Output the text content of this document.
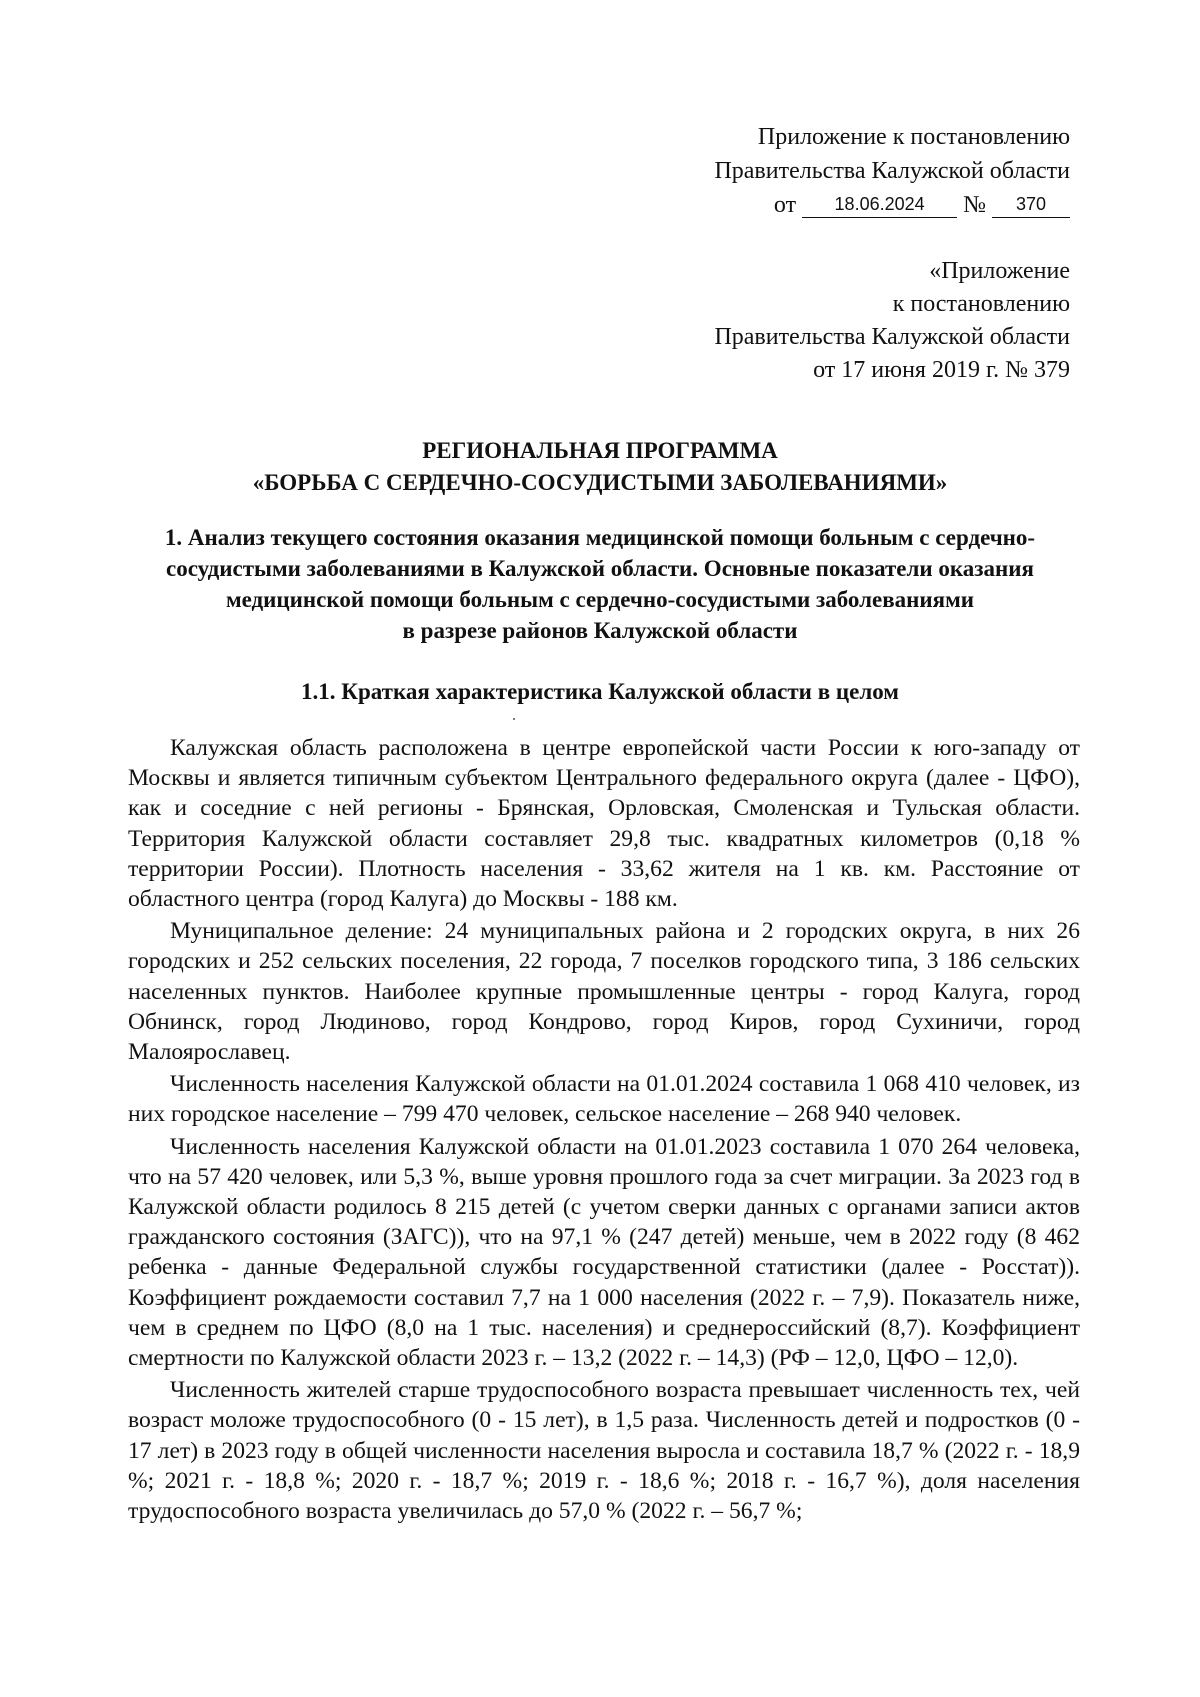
Приложение к постановлению
Правительства Калужской области
от 18.06.2024 № 370
«Приложение
к постановлению
Правительства Калужской области
от 17 июня 2019 г. № 379
РЕГИОНАЛЬНАЯ ПРОГРАММА
«БОРЬБА С СЕРДЕЧНО-СОСУДИСТЫМИ ЗАБОЛЕВАНИЯМИ»
1. Анализ текущего состояния оказания медицинской помощи больным с сердечно-
сосудистыми заболеваниями в Калужской области. Основные показатели оказания
медицинской помощи больным с сердечно-сосудистыми заболеваниями
в разрезе районов Калужской области
1.1. Краткая характеристика Калужской области в целом

Калужская область расположена в центре европейской части России к юго-западу от Москвы и является типичным субъектом Центрального федерального округа (далее - ЦФО), как и соседние с ней регионы - Брянская, Орловская, Смоленская и Тульская области. Территория Калужской области составляет 29,8 тыс. квадратных километров (0,18 % территории России). Плотность населения - 33,62 жителя на 1 кв. км. Расстояние от областного центра (город Калуга) до Москвы - 188 км.

Муниципальное деление: 24 муниципальных района и 2 городских округа, в них 26 городских и 252 сельских поселения, 22 города, 7 поселков городского типа, 3 186 сельских населенных пунктов. Наиболее крупные промышленные центры - город Калуга, город Обнинск, город Людиново, город Кондрово, город Киров, город Сухиничи, город Малоярославец.

Численность населения Калужской области на 01.01.2024 составила 1 068 410 человек, из них городское население – 799 470 человек, сельское население – 268 940 человек.

Численность населения Калужской области на 01.01.2023 составила 1 070 264 человека, что на 57 420 человек, или 5,3 %, выше уровня прошлого года за счет миграции. За 2023 год в Калужской области родилось 8 215 детей (с учетом сверки данных с органами записи актов гражданского состояния (ЗАГС)), что на 97,1 % (247 детей) меньше, чем в 2022 году (8 462 ребенка - данные Федеральной службы государственной статистики (далее - Росстат)). Коэффициент рождаемости составил 7,7 на 1 000 населения (2022 г. – 7,9). Показатель ниже, чем в среднем по ЦФО (8,0 на 1 тыс. населения) и среднероссийский (8,7). Коэффициент смертности по Калужской области 2023 г. – 13,2 (2022 г. – 14,3) (РФ – 12,0, ЦФО – 12,0).

Численность жителей старше трудоспособного возраста превышает численность тех, чей возраст моложе трудоспособного (0 - 15 лет), в 1,5 раза. Численность детей и подростков (0 - 17 лет) в 2023 году в общей численности населения выросла и составила 18,7 % (2022 г. - 18,9 %; 2021 г. - 18,8 %; 2020 г. - 18,7 %; 2019 г. - 18,6 %; 2018 г. - 16,7 %), доля населения трудоспособного возраста увеличилась до 57,0 % (2022 г. – 56,7 %;
